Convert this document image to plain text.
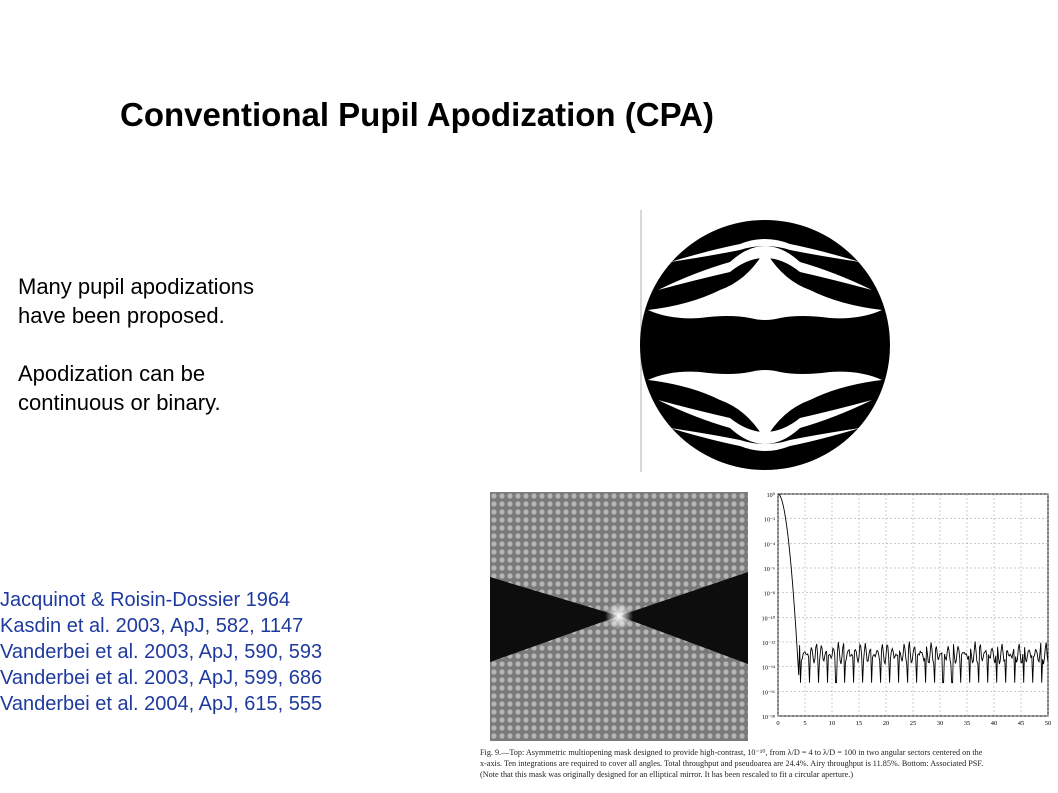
Conventional Pupil Apodization (CPA)

Many pupil apodizations
have been proposed.

Apodization can be
continuous or binary.

Jacquinot & Roisin-Dossier 1964
Kasdin et al. 2003, ApJ, 582, 1147
Vanderbei et al. 2003, ApJ, 590, 593
Vanderbei et al. 2003, ApJ, 599, 686
Vanderbei et al. 2004, ApJ, 615, 555
10⁰
10⁻²
10⁻⁴
10⁻⁶
10⁻⁸
10⁻¹⁰
10⁻¹²
10⁻¹⁴
10⁻¹⁶
10⁻¹⁸
0	5	10	15	20	25	30	35	40	45	50
Fig. 9.—Top: Asymmetric multiopening mask designed to provide high-contrast, 10⁻¹⁰, from λ/D = 4 to λ/D = 100 in two angular sectors centered on the
x-axis. Ten integrations are required to cover all angles. Total throughput and pseudoarea are 24.4%. Airy throughput is 11.85%. Bottom: Associated PSF.
(Note that this mask was originally designed for an elliptical mirror. It has been rescaled to fit a circular aperture.)
